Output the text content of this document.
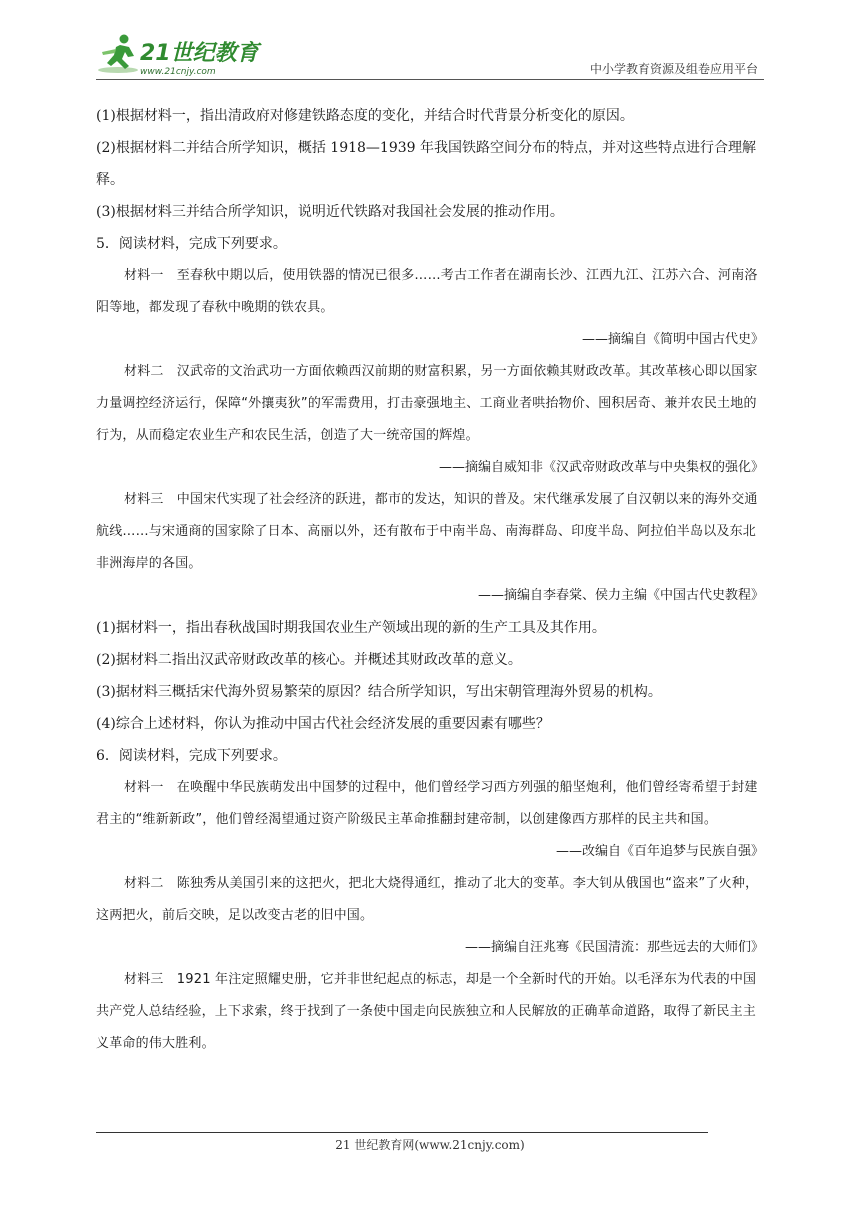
21世纪教育
www.21cnjy.com	中小学教育资源及组卷应用平台

(1)根据材料一，指出清政府对修建铁路态度的变化，并结合时代背景分析变化的原因。

(2)根据材料二并结合所学知识，概括 1918—1939 年我国铁路空间分布的特点，并对这些特点进行合理解释。

(3)根据材料三并结合所学知识，说明近代铁路对我国社会发展的推动作用。

5．阅读材料，完成下列要求。

材料一　至春秋中期以后，使用铁器的情况已很多……考古工作者在湖南长沙、江西九江、江苏六合、河南洛阳等地，都发现了春秋中晚期的铁农具。

——摘编自《简明中国古代史》

材料二　汉武帝的文治武功一方面依赖西汉前期的财富积累，另一方面依赖其财政改革。其改革核心即以国家力量调控经济运行，保障“外攘夷狄”的军需费用，打击豪强地主、工商业者哄抬物价、囤积居奇、兼并农民土地的行为，从而稳定农业生产和农民生活，创造了大一统帝国的辉煌。

——摘编自威知非《汉武帝财政改革与中央集权的强化》

材料三　中国宋代实现了社会经济的跃进，都市的发达，知识的普及。宋代继承发展了自汉朝以来的海外交通航线……与宋通商的国家除了日本、高丽以外，还有散布于中南半岛、南海群岛、印度半岛、阿拉伯半岛以及东北非洲海岸的各国。

——摘编自李春棠、侯力主编《中国古代史教程》

(1)据材料一，指出春秋战国时期我国农业生产领域出现的新的生产工具及其作用。

(2)据材料二指出汉武帝财政改革的核心。并概述其财政改革的意义。

(3)据材料三概括宋代海外贸易繁荣的原因？结合所学知识，写出宋朝管理海外贸易的机构。

(4)综合上述材料，你认为推动中国古代社会经济发展的重要因素有哪些？

6．阅读材料，完成下列要求。

材料一　在唤醒中华民族萌发出中国梦的过程中，他们曾经学习西方列强的船坚炮利，他们曾经寄希望于封建君主的“维新新政”，他们曾经渴望通过资产阶级民主革命推翻封建帝制，以创建像西方那样的民主共和国。

——改编自《百年追梦与民族自强》

材料二　陈独秀从美国引来的这把火，把北大烧得通红，推动了北大的变革。李大钊从俄国也“盗来”了火种，这两把火，前后交映，足以改变古老的旧中国。

——摘编自汪兆骞《民国清流：那些远去的大师们》

材料三　1921 年注定照耀史册，它并非世纪起点的标志，却是一个全新时代的开始。以毛泽东为代表的中国共产党人总结经验，上下求索，终于找到了一条使中国走向民族独立和人民解放的正确革命道路，取得了新民主主义革命的伟大胜利。

21 世纪教育网(www.21cnjy.com)
